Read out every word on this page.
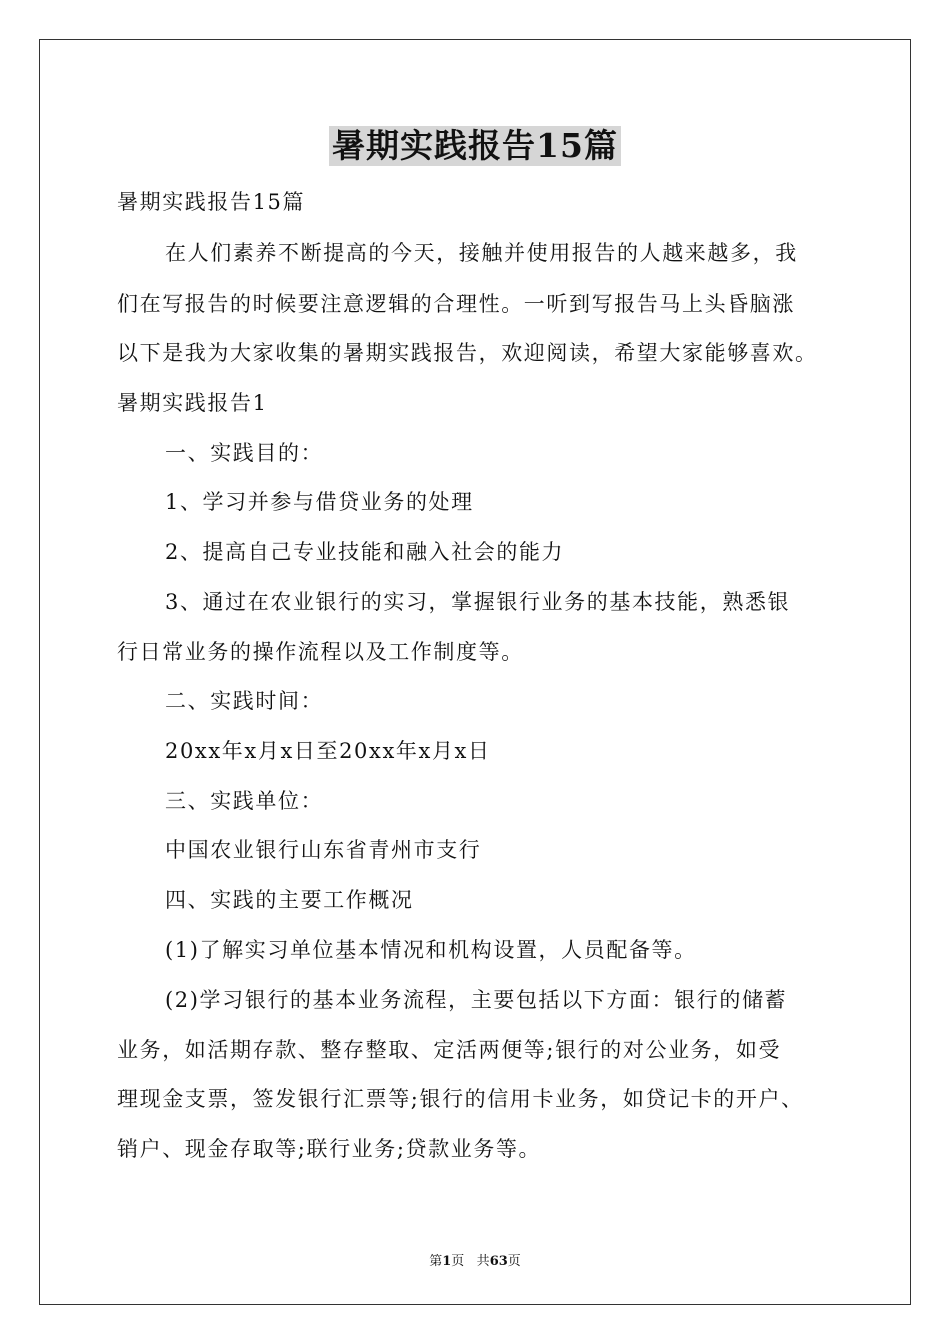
暑期实践报告15篇

暑期实践报告15篇

在人们素养不断提高的今天，接触并使用报告的人越来越多，我

们在写报告的时候要注意逻辑的合理性。一听到写报告马上头昏脑涨

以下是我为大家收集的暑期实践报告，欢迎阅读，希望大家能够喜欢。

暑期实践报告1

一、实践目的：

1、学习并参与借贷业务的处理

2、提高自己专业技能和融入社会的能力

3、通过在农业银行的实习，掌握银行业务的基本技能，熟悉银

行日常业务的操作流程以及工作制度等。

二、实践时间：

20xx年x月x日至20xx年x月x日

三、实践单位：

中国农业银行山东省青州市支行

四、实践的主要工作概况

(1)了解实习单位基本情况和机构设置，人员配备等。

(2)学习银行的基本业务流程，主要包括以下方面：银行的储蓄

业务，如活期存款、整存整取、定活两便等;银行的对公业务，如受

理现金支票，签发银行汇票等;银行的信用卡业务，如贷记卡的开户、

销户、现金存取等;联行业务;贷款业务等。

第1页 共63页
